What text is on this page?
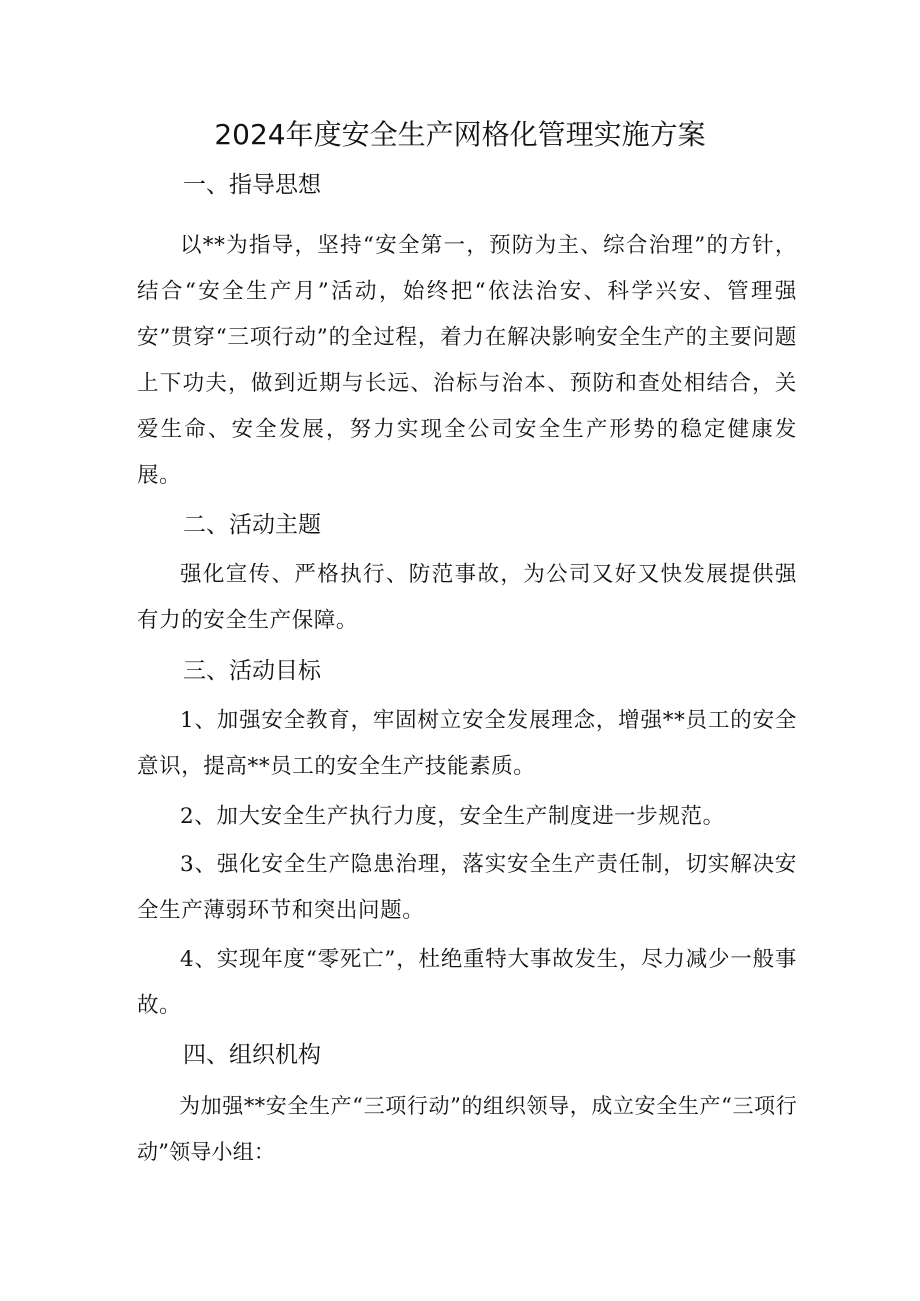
2024年度安全生产网格化管理实施方案
一、指导思想
以**为指导，坚持“安全第一，预防为主、综合治理”的方针，结合“安全生产月”活动，始终把“依法治安、科学兴安、管理强安”贯穿“三项行动”的全过程，着力在解决影响安全生产的主要问题上下功夫，做到近期与长远、治标与治本、预防和查处相结合，关爱生命、安全发展，努力实现全公司安全生产形势的稳定健康发展。
二、活动主题
强化宣传、严格执行、防范事故，为公司又好又快发展提供强有力的安全生产保障。
三、活动目标
1、加强安全教育，牢固树立安全发展理念，增强**员工的安全意识，提高**员工的安全生产技能素质。
2、加大安全生产执行力度，安全生产制度进一步规范。
3、强化安全生产隐患治理，落实安全生产责任制，切实解决安全生产薄弱环节和突出问题。
4、实现年度“零死亡”，杜绝重特大事故发生，尽力减少一般事故。
四、组织机构
为加强**安全生产“三项行动”的组织领导，成立安全生产“三项行动”领导小组：
